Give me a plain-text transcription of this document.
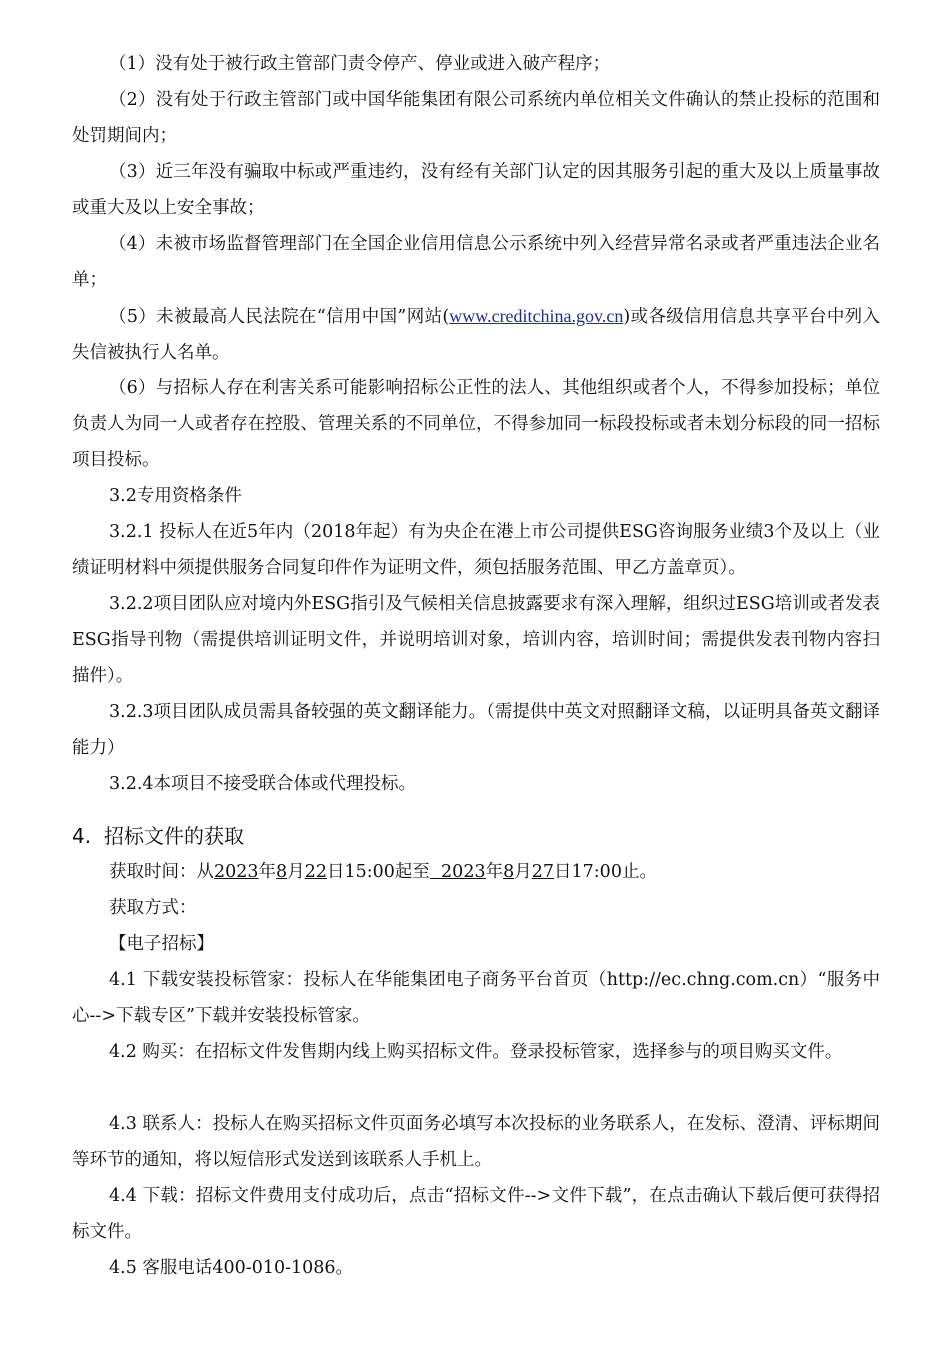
（1）没有处于被行政主管部门责令停产、停业或进入破产程序；

（2）没有处于行政主管部门或中国华能集团有限公司系统内单位相关文件确认的禁止投标的范围和处罚期间内；

（3）近三年没有骗取中标或严重违约，没有经有关部门认定的因其服务引起的重大及以上质量事故或重大及以上安全事故；

（4）未被市场监督管理部门在全国企业信用信息公示系统中列入经营异常名录或者严重违法企业名单；

（5）未被最高人民法院在“信用中国”网站(www.creditchina.gov.cn)或各级信用信息共享平台中列入失信被执行人名单。

（6）与招标人存在利害关系可能影响招标公正性的法人、其他组织或者个人，不得参加投标；单位负责人为同一人或者存在控股、管理关系的不同单位，不得参加同一标段投标或者未划分标段的同一招标项目投标。

3.2专用资格条件

3.2.1 投标人在近5年内（2018年起）有为央企在港上市公司提供ESG咨询服务业绩3个及以上（业绩证明材料中须提供服务合同复印件作为证明文件，须包括服务范围、甲乙方盖章页）。

3.2.2项目团队应对境内外ESG指引及气候相关信息披露要求有深入理解，组织过ESG培训或者发表ESG指导刊物（需提供培训证明文件，并说明培训对象，培训内容，培训时间；需提供发表刊物内容扫描件）。

3.2.3项目团队成员需具备较强的英文翻译能力。（需提供中英文对照翻译文稿，以证明具备英文翻译能力）

3.2.4本项目不接受联合体或代理投标。

4. 招标文件的获取

获取时间：从2023年8月22日15:00起至 2023年8月27日17:00止。

获取方式：

【电子招标】

4.1 下载安装投标管家：投标人在华能集团电子商务平台首页（http://ec.chng.com.cn）“服务中心-->下载专区”下载并安装投标管家。

4.2 购买：在招标文件发售期内线上购买招标文件。登录投标管家，选择参与的项目购买文件。

4.3 联系人：投标人在购买招标文件页面务必填写本次投标的业务联系人，在发标、澄清、评标期间等环节的通知，将以短信形式发送到该联系人手机上。

4.4 下载：招标文件费用支付成功后，点击“招标文件-->文件下载”，在点击确认下载后便可获得招标文件。

4.5 客服电话400-010-1086。
